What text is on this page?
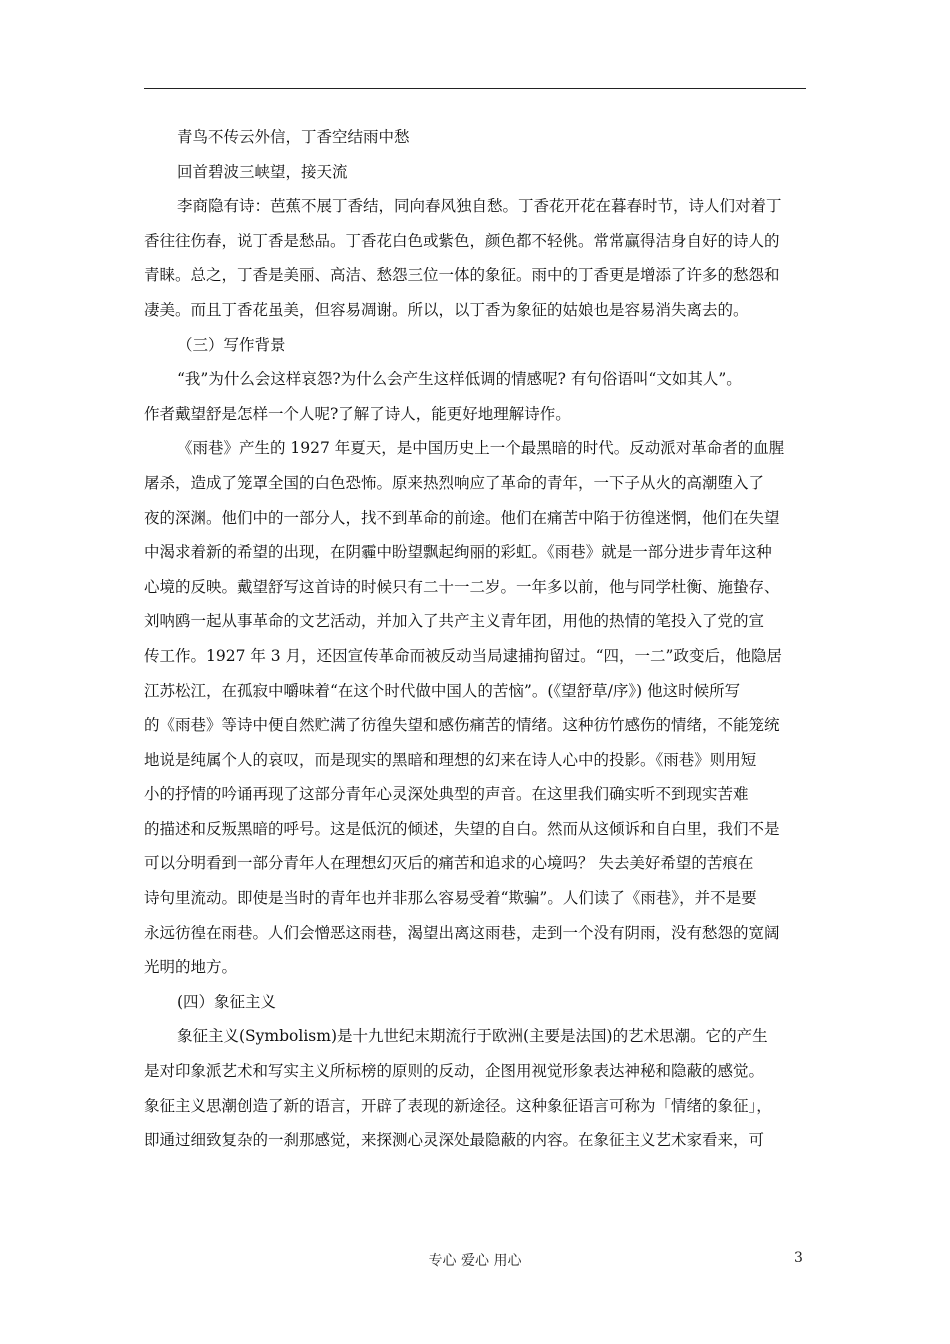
青鸟不传云外信，丁香空结雨中愁
回首碧波三峡望，接天流
李商隐有诗：芭蕉不展丁香结，同向春风独自愁。丁香花开花在暮春时节，诗人们对着丁
香往往伤春，说丁香是愁品。丁香花白色或紫色，颜色都不轻佻。常常赢得洁身自好的诗人的
青睐。总之，丁香是美丽、高洁、愁怨三位一体的象征。雨中的丁香更是增添了许多的愁怨和
凄美。而且丁香花虽美，但容易凋谢。所以，以丁香为象征的姑娘也是容易消失离去的。
（三）写作背景
“我”为什么会这样哀怨?为什么会产生这样低调的情感呢? 有句俗语叫“文如其人”。
作者戴望舒是怎样一个人呢?了解了诗人，能更好地理解诗作。
《雨巷》产生的 1927 年夏天，是中国历史上一个最黑暗的时代。反动派对革命者的血腥
屠杀，造成了笼罩全国的白色恐怖。原来热烈响应了革命的青年，一下子从火的高潮堕入了
夜的深渊。他们中的一部分人，找不到革命的前途。他们在痛苦中陷于彷徨迷惘，他们在失望
中渴求着新的希望的出现，在阴霾中盼望飘起绚丽的彩虹。《雨巷》就是一部分进步青年这种
心境的反映。戴望舒写这首诗的时候只有二十一二岁。一年多以前，他与同学杜衡、施蛰存、
刘呐鸥一起从事革命的文艺活动，并加入了共产主义青年团，用他的热情的笔投入了党的宣
传工作。1927 年 3 月，还因宣传革命而被反动当局逮捕拘留过。“四，一二”政变后，他隐居
江苏松江，在孤寂中嚼味着“在这个时代做中国人的苦恼”。(《望舒草/序》) 他这时候所写
的《雨巷》等诗中便自然贮满了彷徨失望和感伤痛苦的情绪。这种彷竹感伤的情绪，不能笼统
地说是纯属个人的哀叹，而是现实的黑暗和理想的幻来在诗人心中的投影。《雨巷》则用短
小的抒情的吟诵再现了这部分青年心灵深处典型的声音。在这里我们确实听不到现实苦难
的描述和反叛黑暗的呼号。这是低沉的倾述，失望的自白。然而从这倾诉和自白里，我们不是
可以分明看到一部分青年人在理想幻灭后的痛苦和追求的心境吗？ 失去美好希望的苦痕在
诗句里流动。即使是当时的青年也并非那么容易受着“欺骗”。人们读了《雨巷》，并不是要
永远彷徨在雨巷。人们会憎恶这雨巷，渴望出离这雨巷，走到一个没有阴雨，没有愁怨的宽阔
光明的地方。
(四）象征主义
象征主义(Symbolism)是十九世纪末期流行于欧洲(主要是法国)的艺术思潮。它的产生
是对印象派艺术和写实主义所标榜的原则的反动，企图用视觉形象表达神秘和隐蔽的感觉。
象征主义思潮创造了新的语言，开辟了表现的新途径。这种象征语言可称为「情绪的象征」，
即通过细致复杂的一刹那感觉，来探测心灵深处最隐蔽的内容。在象征主义艺术家看来，可
专心 爱心 用心	3
